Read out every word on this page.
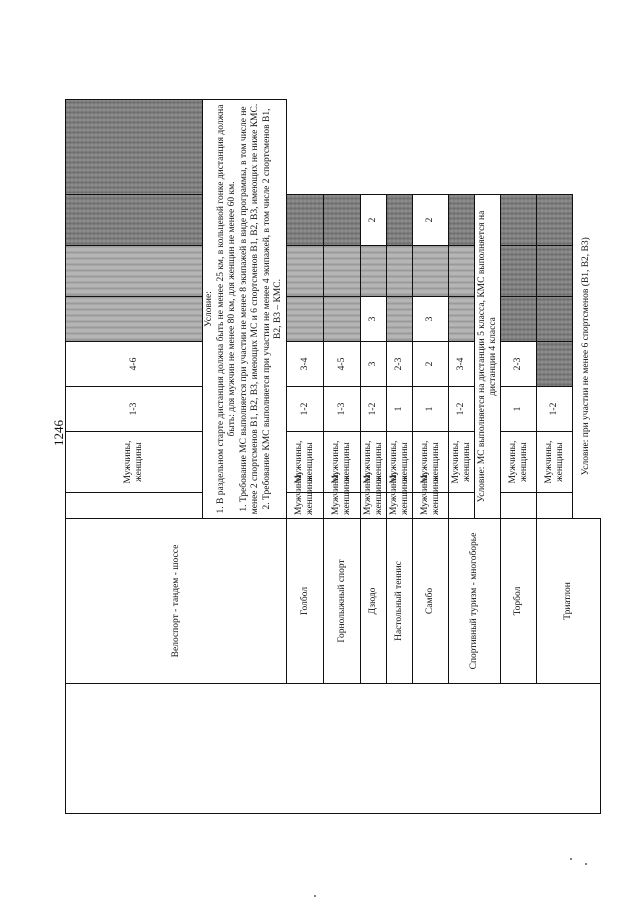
1246
	Велоспорт - тандем - шоссе		Мужчины, женщины	1-3	4-6				

		Условие: 1. В раздельном старте дистанция должна быть не менее 25 км, в кольцевой гонке дистанция должна быть: для мужчин не менее 80 км, для женщин не менее 60 км. 1. Требование МС выполняется при участии не менее 8 экипажей в виде программы, в том числе не менее 2 спортсменов В1, В2, В3, имеющих МС и 6 спортсменов В1, В2, В3, имеющих не ниже КМС. 2. Требование КМС выполняется при участии не менее 4 экипажей, в том числе 2 спортсменов В1, В2, В3 – КМС.							

	Голбол	Мужчины, женщины	Мужчины, женщины	1-2	3-4				
	Горнолыжный спорт	Мужчины, женщины	Мужчины, женщины	1-3	4-5				
	Дзюдо	Мужчины, женщины	Мужчины, женщины	1-2	3	3		2	
	Настольный теннис	Мужчины, женщины	Мужчины, женщины	1	2-3				
	Самбо	Мужчины, женщины	Мужчины, женщины	1	2	3		2	
	Спортивный туризм - многоборье		Мужчины, женщины	1-2	3-4				
		Условие: МС выполняется на дистанции 5 класса, КМС выполняется на дистанции 4 класса							
	Торбол		Мужчины, женщины	1	2-3				
	Триатлон		Мужчины, женщины	1-2					
		Условие: при участии не менее 6 спортсменов (В1, В2, В3)							
